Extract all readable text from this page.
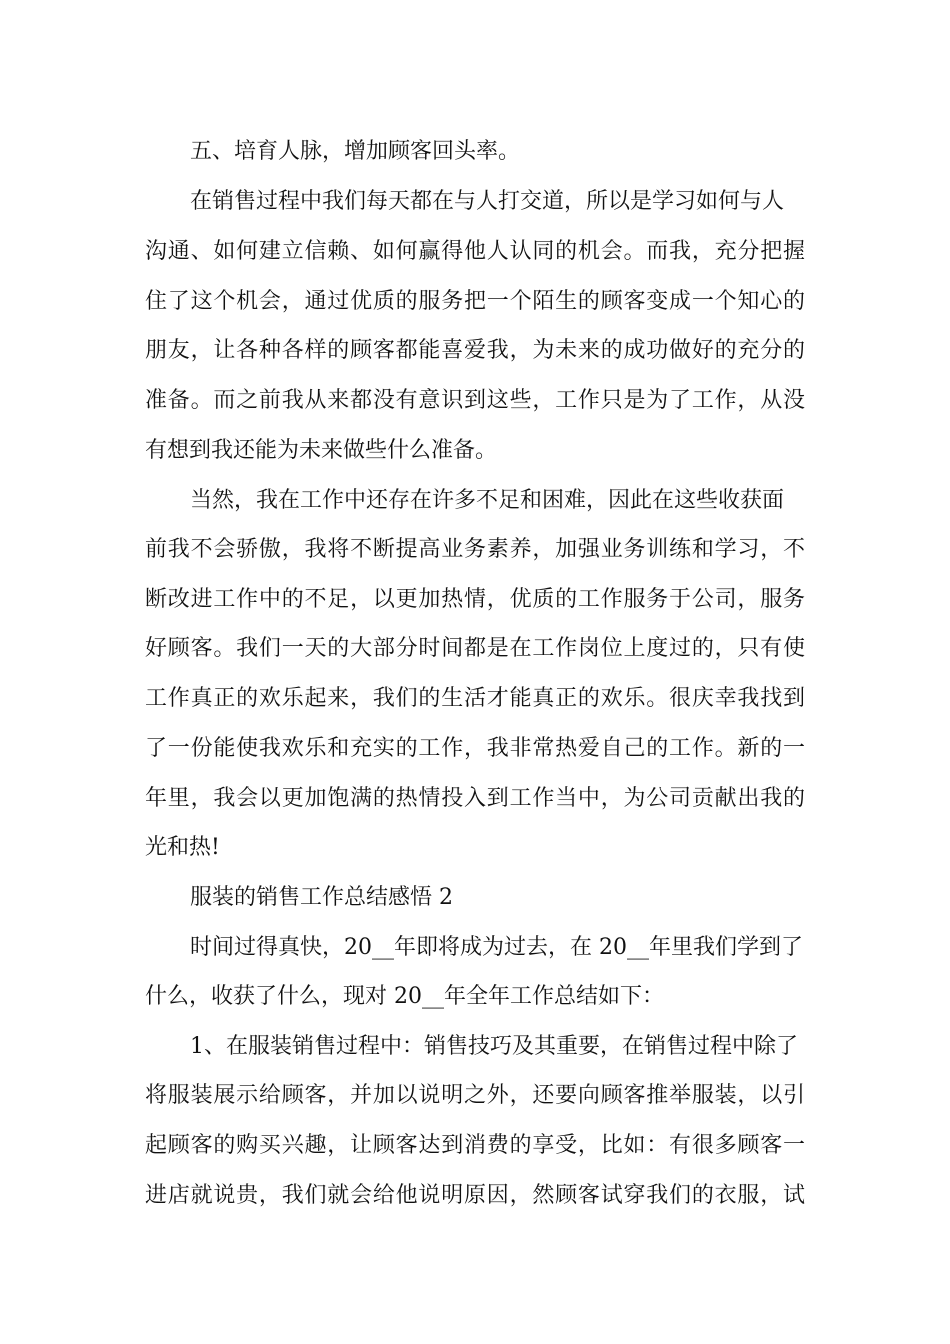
五、培育人脉，增加顾客回头率。

在销售过程中我们每天都在与人打交道，所以是学习如何与人

沟通、如何建立信赖、如何赢得他人认同的机会。而我，充分把握

住了这个机会，通过优质的服务把一个陌生的顾客变成一个知心的

朋友，让各种各样的顾客都能喜爱我，为未来的成功做好的充分的

准备。而之前我从来都没有意识到这些，工作只是为了工作，从没

有想到我还能为未来做些什么准备。

当然，我在工作中还存在许多不足和困难，因此在这些收获面

前我不会骄傲，我将不断提高业务素养，加强业务训练和学习，不

断改进工作中的不足，以更加热情，优质的工作服务于公司，服务

好顾客。我们一天的大部分时间都是在工作岗位上度过的，只有使

工作真正的欢乐起来，我们的生活才能真正的欢乐。很庆幸我找到

了一份能使我欢乐和充实的工作，我非常热爱自己的工作。新的一

年里，我会以更加饱满的热情投入到工作当中，为公司贡献出我的

光和热!

服装的销售工作总结感悟 2

时间过得真快，20__年即将成为过去，在 20__年里我们学到了

什么，收获了什么，现对 20__年全年工作总结如下：

1、在服装销售过程中：销售技巧及其重要，在销售过程中除了

将服装展示给顾客，并加以说明之外，还要向顾客推举服装，以引

起顾客的购买兴趣，让顾客达到消费的享受，比如：有很多顾客一

进店就说贵，我们就会给他说明原因，然顾客试穿我们的衣服，试
